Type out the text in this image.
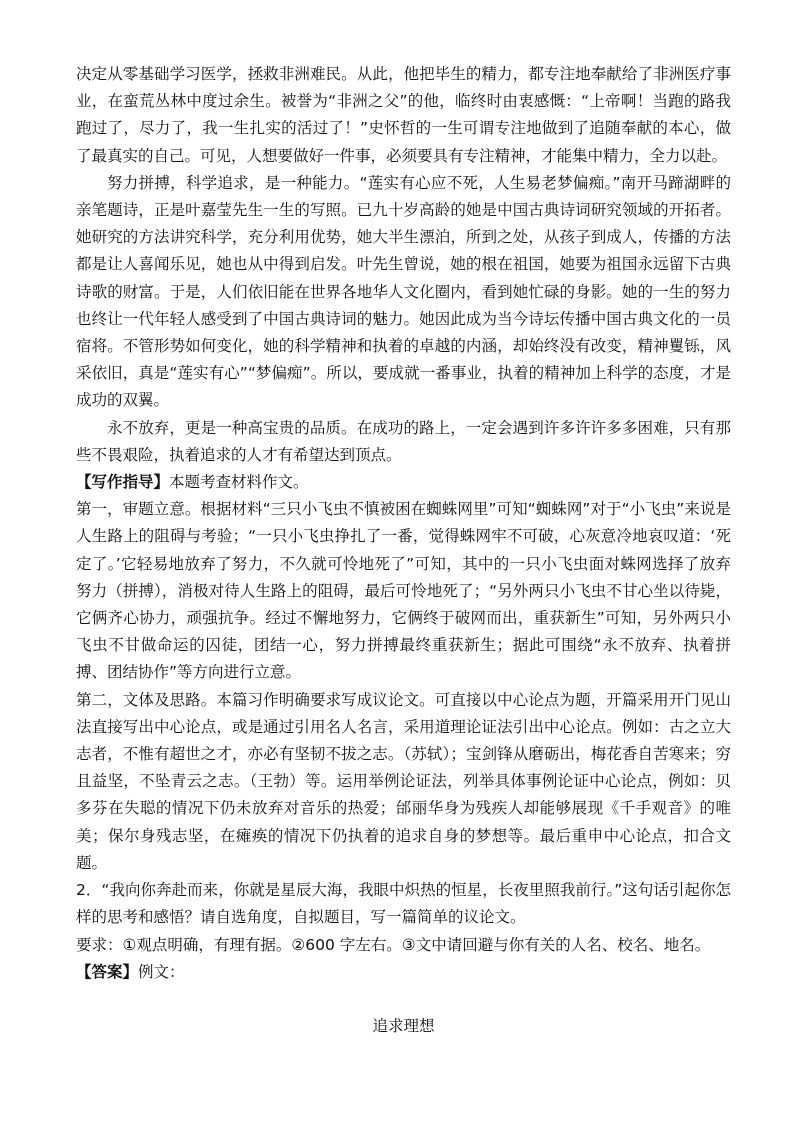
决定从零基础学习医学，拯救非洲难民。从此，他把毕生的精力，都专注地奉献给了非洲医疗事业，在蛮荒丛林中度过余生。被誉为“非洲之父”的他，临终时由衷感慨：“上帝啊！当跑的路我跑过了，尽力了，我一生扎实的活过了！”史怀哲的一生可谓专注地做到了追随奉献的本心，做了最真实的自己。可见，人想要做好一件事，必须要具有专注精神，才能集中精力，全力以赴。

努力拼搏，科学追求，是一种能力。“莲实有心应不死，人生易老梦偏痴。”南开马蹄湖畔的亲笔题诗，正是叶嘉莹先生一生的写照。已九十岁高龄的她是中国古典诗词研究领域的开拓者。她研究的方法讲究科学，充分利用优势，她大半生漂泊，所到之处，从孩子到成人，传播的方法都是让人喜闻乐见，她也从中得到启发。叶先生曾说，她的根在祖国，她要为祖国永远留下古典诗歌的财富。于是，人们依旧能在世界各地华人文化圈内，看到她忙碌的身影。她的一生的努力也终让一代年轻人感受到了中国古典诗词的魅力。她因此成为当今诗坛传播中国古典文化的一员宿将。不管形势如何变化，她的科学精神和执着的卓越的内涵，却始终没有改变，精神矍铄，风采依旧，真是“莲实有心”“梦偏痴”。所以，要成就一番事业，执着的精神加上科学的态度，才是成功的双翼。

永不放弃，更是一种高宝贵的品质。在成功的路上，一定会遇到许多许许多多困难，只有那些不畏艰险，执着追求的人才有希望达到顶点。

【写作指导】本题考查材料作文。

第一，审题立意。根据材料“三只小飞虫不慎被困在蜘蛛网里”可知“蜘蛛网”对于“小飞虫”来说是人生路上的阻碍与考验；“一只小飞虫挣扎了一番，觉得蛛网牢不可破，心灰意冷地哀叹道：‘死定了。’它轻易地放弃了努力，不久就可怜地死了”可知，其中的一只小飞虫面对蛛网选择了放弃努力（拼搏），消极对待人生路上的阻碍，最后可怜地死了；“另外两只小飞虫不甘心坐以待毙，它俩齐心协力，顽强抗争。经过不懈地努力，它俩终于破网而出，重获新生”可知，另外两只小飞虫不甘做命运的囚徒，团结一心，努力拼搏最终重获新生；据此可围绕“永不放弃、执着拼搏、团结协作”等方向进行立意。

第二，文体及思路。本篇习作明确要求写成议论文。可直接以中心论点为题，开篇采用开门见山法直接写出中心论点，或是通过引用名人名言，采用道理论证法引出中心论点。例如：古之立大志者，不惟有超世之才，亦必有坚韧不拔之志。（苏轼）；宝剑锋从磨砺出，梅花香自苦寒来；穷且益坚，不坠青云之志。（王勃）等。运用举例论证法，列举具体事例论证中心论点，例如：贝多芬在失聪的情况下仍未放弃对音乐的热爱；邰丽华身为残疾人却能够展现《千手观音》的唯美；保尔身残志坚，在瘫痪的情况下仍执着的追求自身的梦想等。最后重申中心论点，扣合文题。

2．“我向你奔赴而来，你就是星辰大海，我眼中炽热的恒星，长夜里照我前行。”这句话引起你怎样的思考和感悟？请自选角度，自拟题目，写一篇简单的议论文。

要求：①观点明确，有理有据。②600 字左右。③文中请回避与你有关的人名、校名、地名。

【答案】例文：

追求理想
